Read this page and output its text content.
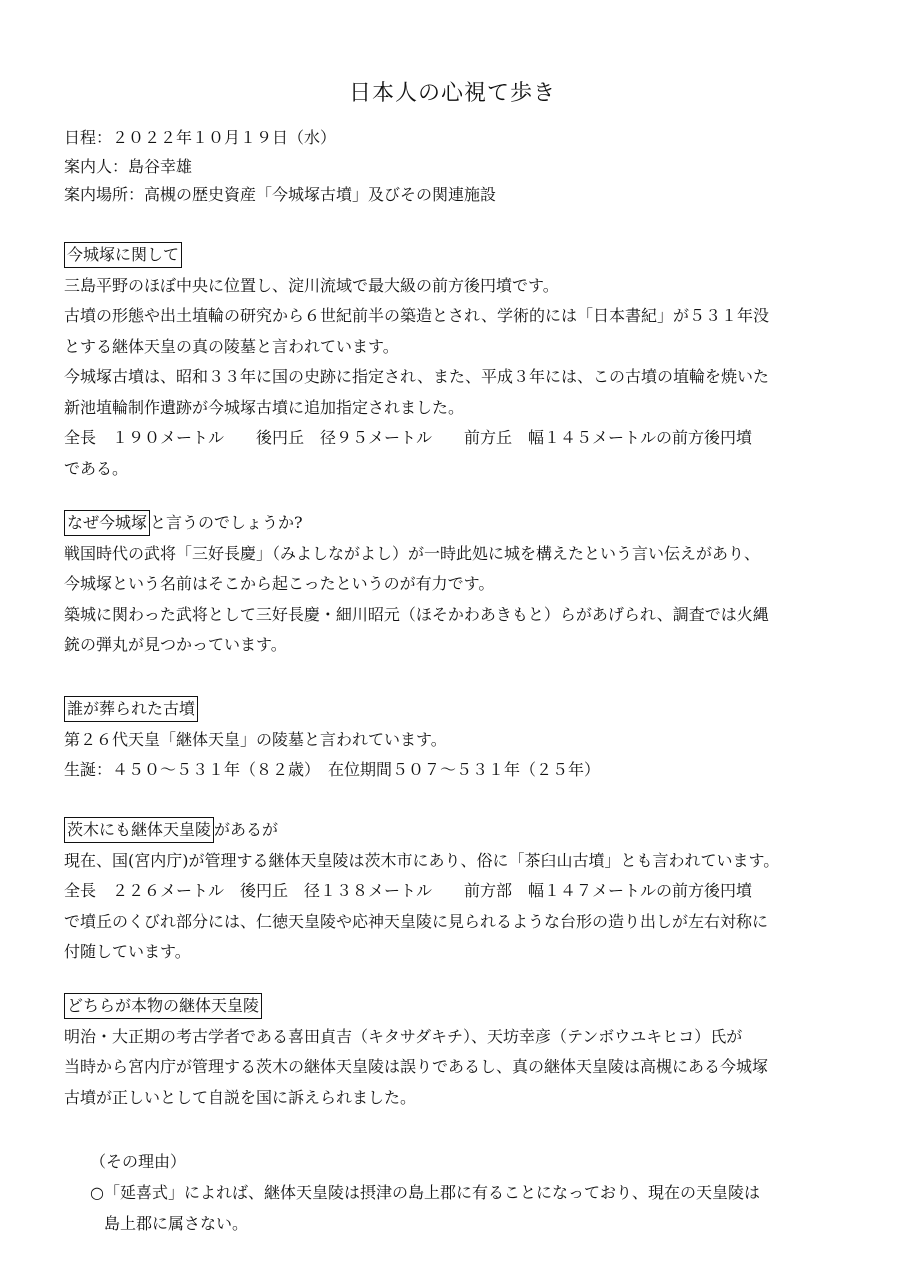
日本人の心視て歩き
日程：２０２２年１０月１９日（水）
案内人：島谷幸雄
案内場所：高槻の歴史資産「今城塚古墳」及びその関連施設
今城塚に関して

三島平野のほぼ中央に位置し、淀川流域で最大級の前方後円墳です。

古墳の形態や出土埴輪の研究から６世紀前半の築造とされ、学術的には「日本書紀」が５３１年没

とする継体天皇の真の陵墓と言われています。

今城塚古墳は、昭和３３年に国の史跡に指定され、また、平成３年には、この古墳の埴輪を焼いた

新池埴輪制作遺跡が今城塚古墳に追加指定されました。

全長　１９０メートル　　後円丘　径９５メートル　　前方丘　幅１４５メートルの前方後円墳

である。

なぜ今城塚 と言うのでしょうか?

戦国時代の武将「三好長慶」（みよしながよし）が一時此処に城を構えたという言い伝えがあり、

今城塚という名前はそこから起こったというのが有力です。

築城に関わった武将として三好長慶・細川昭元（ほそかわあきもと）らがあげられ、調査では火縄

銃の弾丸が見つかっています。

誰が葬られた古墳

第２６代天皇「継体天皇」の陵墓と言われています。

生誕：４５０～５３１年（８２歳）　在位期間５０７～５３１年（２５年）

茨木にも継体天皇陵 があるが

現在、国(宮内庁)が管理する継体天皇陵は茨木市にあり、俗に「茶臼山古墳」とも言われています。

全長　２２６メートル　後円丘　径１３８メートル　　前方部　幅１４７メートルの前方後円墳

で墳丘のくびれ部分には、仁徳天皇陵や応神天皇陵に見られるような台形の造り出しが左右対称に

付随しています。

どちらが本物の継体天皇陵

明治・大正期の考古学者である喜田貞吉（キタサダキチ）、天坊幸彦（テンボウユキヒコ）氏が

当時から宮内庁が管理する茨木の継体天皇陵は誤りであるし、真の継体天皇陵は高槻にある今城塚

古墳が正しいとして自説を国に訴えられました。

（その理由）

○「延喜式」によれば、継体天皇陵は摂津の島上郡に有ることになっており、現在の天皇陵は

島上郡に属さない。
